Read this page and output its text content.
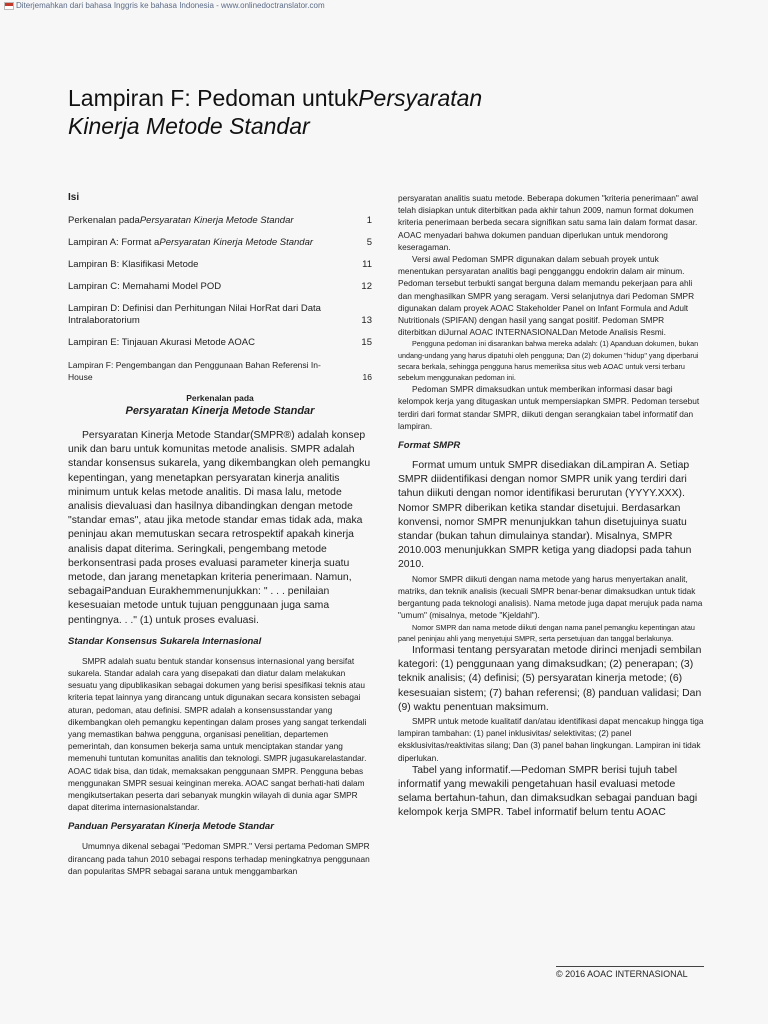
Diterjemahkan dari bahasa Inggris ke bahasa Indonesia - www.onlinedoctranslator.com
Lampiran F: Pedoman untukPersyaratan
Kinerja Metode Standar
Isi
Perkenalan padaPersyaratan Kinerja Metode Standar	1
Lampiran A: Format aPersyaratan Kinerja Metode Standar	5
Lampiran B: Klasifikasi Metode	11
Lampiran C: Memahami Model POD	12
Lampiran D: Definisi dan Perhitungan Nilai HorRat dari Data Intralaboratorium	13
Lampiran E: Tinjauan Akurasi Metode AOAC	15
Lampiran F: Pengembangan dan Penggunaan Bahan Referensi In-House	16
Perkenalan pada
Persyaratan Kinerja Metode Standar

Persyaratan Kinerja Metode Standar(SMPR®) adalah konsep unik dan baru untuk komunitas metode analisis. SMPR adalah standar konsensus sukarela, yang dikembangkan oleh pemangku kepentingan, yang menetapkan persyaratan kinerja analitis minimum untuk kelas metode analitis. Di masa lalu, metode analisis dievaluasi dan hasilnya dibandingkan dengan metode "standar emas", atau jika metode standar emas tidak ada, maka peninjau akan memutuskan secara retrospektif apakah kinerja analisis dapat diterima. Seringkali, pengembang metode berkonsentrasi pada proses evaluasi parameter kinerja suatu metode, dan jarang menetapkan kriteria penerimaan. Namun, sebagaiPanduan Eurakhemmenunjukkan: " . . . penilaian kesesuaian metode untuk tujuan penggunaan juga sama pentingnya. . ." (1) untuk proses evaluasi.

Standar Konsensus Sukarela Internasional

SMPR adalah suatu bentuk standar konsensus internasional yang bersifat sukarela. Standar adalah cara yang disepakati dan diatur dalam melakukan sesuatu yang dipublikasikan sebagai dokumen yang berisi spesifikasi teknis atau kriteria tepat lainnya yang dirancang untuk digunakan secara konsisten sebagai aturan, pedoman, atau definisi. SMPR adalah a konsensusstandar yang dikembangkan oleh pemangku kepentingan dalam proses yang sangat terkendali yang memastikan bahwa pengguna, organisasi penelitian, departemen pemerintah, dan konsumen bekerja sama untuk menciptakan standar yang memenuhi tuntutan komunitas analitis dan teknologi. SMPR jugasukarelastandar. AOAC tidak bisa, dan tidak, memaksakan penggunaan SMPR. Pengguna bebas menggunakan SMPR sesuai keinginan mereka. AOAC sangat berhati-hati dalam mengikutsertakan peserta dari sebanyak mungkin wilayah di dunia agar SMPR dapat diterima internasionalstandar.

Panduan Persyaratan Kinerja Metode Standar

Umumnya dikenal sebagai "Pedoman SMPR." Versi pertama Pedoman SMPR dirancang pada tahun 2010 sebagai respons terhadap meningkatnya penggunaan dan popularitas SMPR sebagai sarana untuk menggambarkan

persyaratan analitis suatu metode. Beberapa dokumen "kriteria penerimaan" awal telah disiapkan untuk diterbitkan pada akhir tahun 2009, namun format dokumen kriteria penerimaan berbeda secara signifikan satu sama lain dalam format dasar. AOAC menyadari bahwa dokumen panduan diperlukan untuk mendorong keseragaman.

Versi awal Pedoman SMPR digunakan dalam sebuah proyek untuk menentukan persyaratan analitis bagi pengganggu endokrin dalam air minum. Pedoman tersebut terbukti sangat berguna dalam memandu pekerjaan para ahli dan menghasilkan SMPR yang seragam. Versi selanjutnya dari Pedoman SMPR digunakan dalam proyek AOAC Stakeholder Panel on Infant Formula and Adult Nutritionals (SPIFAN) dengan hasil yang sangat positif. Pedoman SMPR diterbitkan diJurnal AOAC INTERNASIONALDan Metode Analisis Resmi.

Pengguna pedoman ini disarankan bahwa mereka adalah: (1) Apanduan dokumen, bukan undang-undang yang harus dipatuhi oleh pengguna; Dan (2) dokumen "hidup" yang diperbarui secara berkala, sehingga pengguna harus memeriksa situs web AOAC untuk versi terbaru sebelum menggunakan pedoman ini.

Pedoman SMPR dimaksudkan untuk memberikan informasi dasar bagi kelompok kerja yang ditugaskan untuk mempersiapkan SMPR. Pedoman tersebut terdiri dari format standar SMPR, diikuti dengan serangkaian tabel informatif dan lampiran.

Format SMPR

Format umum untuk SMPR disediakan diLampiran A. Setiap SMPR diidentifikasi dengan nomor SMPR unik yang terdiri dari tahun diikuti dengan nomor identifikasi berurutan (YYYY.XXX). Nomor SMPR diberikan ketika standar disetujui. Berdasarkan konvensi, nomor SMPR menunjukkan tahun disetujuinya suatu standar (bukan tahun dimulainya standar). Misalnya, SMPR 2010.003 menunjukkan SMPR ketiga yang diadopsi pada tahun 2010.

Nomor SMPR diikuti dengan nama metode yang harus menyertakan analit, matriks, dan teknik analisis (kecuali SMPR benar-benar dimaksudkan untuk tidak bergantung pada teknologi analisis). Nama metode juga dapat merujuk pada nama "umum" (misalnya, metode "Kjeldahl").

Nomor SMPR dan nama metode diikuti dengan nama panel pemangku kepentingan atau panel peninjau ahli yang menyetujui SMPR, serta persetujuan dan tanggal berlakunya.

Informasi tentang persyaratan metode dirinci menjadi sembilan kategori: (1) penggunaan yang dimaksudkan; (2) penerapan; (3) teknik analisis; (4) definisi; (5) persyaratan kinerja metode; (6) kesesuaian sistem; (7) bahan referensi; (8) panduan validasi; Dan (9) waktu penentuan maksimum.

SMPR untuk metode kualitatif dan/atau identifikasi dapat mencakup hingga tiga lampiran tambahan: (1) panel inklusivitas/ selektivitas; (2) panel eksklusivitas/reaktivitas silang; Dan (3) panel bahan lingkungan. Lampiran ini tidak diperlukan.

Tabel yang informatif.—Pedoman SMPR berisi tujuh tabel informatif yang mewakili pengetahuan hasil evaluasi metode selama bertahun-tahun, dan dimaksudkan sebagai panduan bagi kelompok kerja SMPR. Tabel informatif belum tentu AOAC

© 2016 AOAC INTERNASIONAL
